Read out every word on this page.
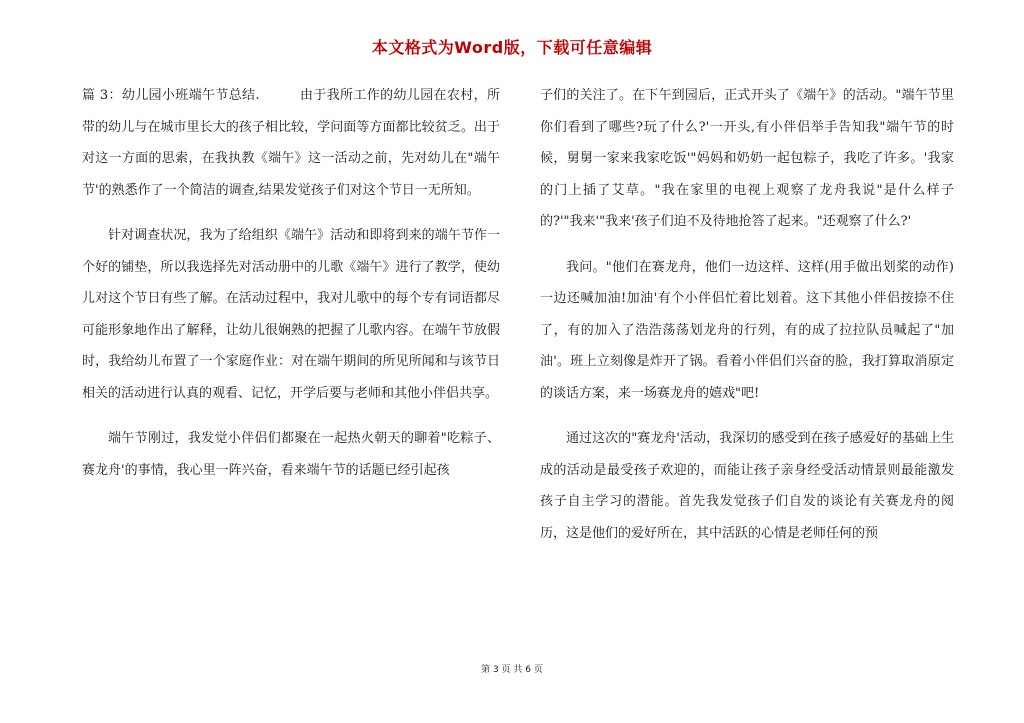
本文格式为Word版，下载可任意编辑

篇 3：幼儿园小班端午节总结.　　　由于我所工作的幼儿园在农村，所带的幼儿与在城市里长大的孩子相比较，学问面等方面都比较贫乏。出于对这一方面的思索，在我执教《端午》这一活动之前，先对幼儿在"端午节'的熟悉作了一个简洁的调查,结果发觉孩子们对这个节日一无所知。

针对调查状况，我为了给组织《端午》活动和即将到来的端午节作一个好的铺垫，所以我选择先对活动册中的儿歌《端午》进行了教学，使幼儿对这个节日有些了解。在活动过程中，我对儿歌中的每个专有词语都尽可能形象地作出了解释，让幼儿很娴熟的把握了儿歌内容。在端午节放假时，我给幼儿布置了一个家庭作业：对在端午期间的所见所闻和与该节日相关的活动进行认真的观看、记忆，开学后要与老师和其他小伴侣共享。

端午节刚过，我发觉小伴侣们都聚在一起热火朝天的聊着"吃粽子、赛龙舟'的事情，我心里一阵兴奋，看来端午节的话题已经引起孩

子们的关注了。在下午到园后，正式开头了《端午》的活动。"端午节里你们看到了哪些?玩了什么?'一开头,有小伴侣举手告知我"端午节的时候，舅舅一家来我家吃饭'"妈妈和奶奶一起包粽子，我吃了许多。'我家的门上插了艾草。"我在家里的电视上观察了龙舟我说"是什么样子的?'"我来'"我来'孩子们迫不及待地抢答了起来。"还观察了什么?'

我问。"他们在赛龙舟，他们一边这样、这样(用手做出划桨的动作)一边还喊加油!加油'有个小伴侣忙着比划着。这下其他小伴侣按捺不住了，有的加入了浩浩荡荡划龙舟的行列，有的成了拉拉队员喊起了"加油'。班上立刻像是炸开了锅。看着小伴侣们兴奋的脸，我打算取消原定的谈话方案，来一场赛龙舟的嬉戏"吧!

通过这次的"赛龙舟'活动，我深切的感受到在孩子感爱好的基础上生成的活动是最受孩子欢迎的，而能让孩子亲身经受活动情景则最能激发孩子自主学习的潜能。首先我发觉孩子们自发的谈论有关赛龙舟的阅历，这是他们的爱好所在，其中活跃的心情是老师任何的预

第 3 页 共 6 页
